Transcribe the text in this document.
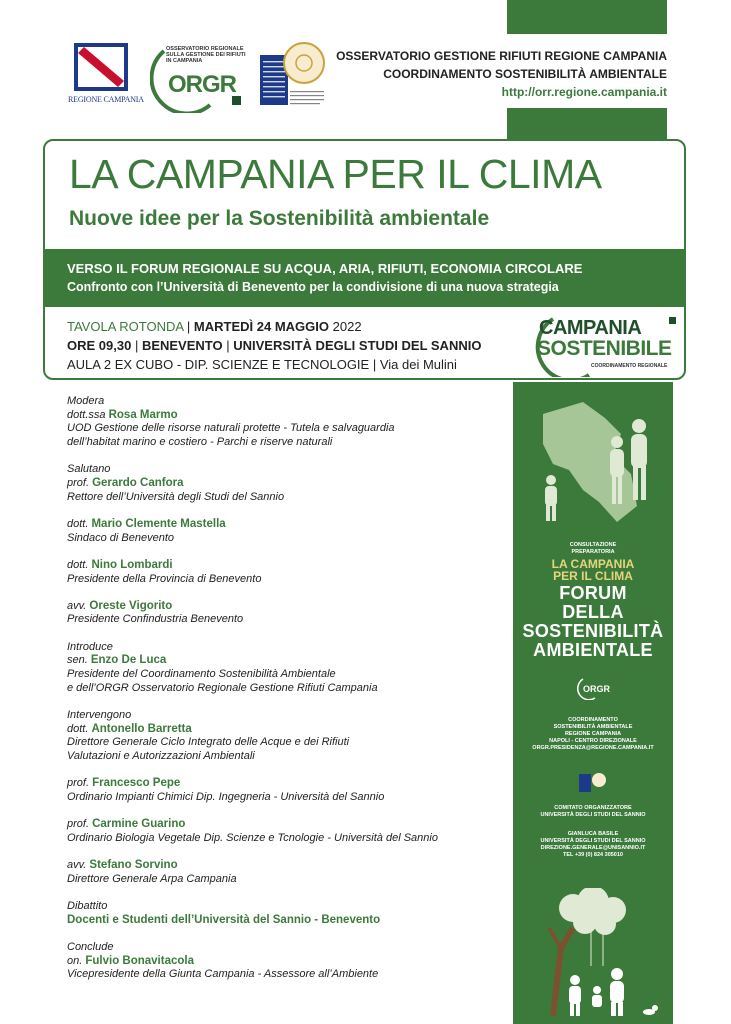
REGIONE CAMPANIA
OSSERVATORIO REGIONALE SULLA GESTIONE DEI RIFIUTI IN CAMPANIA
ORGR
OSSERVATORIO GESTIONE RIFIUTI REGIONE CAMPANIA
COORDINAMENTO SOSTENIBILITÀ AMBIENTALE
http://orr.regione.campania.it
LA CAMPANIA PER IL CLIMA
Nuove idee per la Sostenibilità ambientale
VERSO IL FORUM REGIONALE SU ACQUA, ARIA, RIFIUTI, ECONOMIA CIRCOLARE
Confronto con l’Università di Benevento per la condivisione di una nuova strategia
TAVOLA ROTONDA | MARTEDÌ 24 MAGGIO 2022
ORE 09,30 | BENEVENTO | UNIVERSITÀ DEGLI STUDI DEL SANNIO
AULA 2 EX CUBO - DIP. SCIENZE E TECNOLOGIE | Via dei Mulini
CAMPANIA
SOSTENIBILE
COORDINAMENTO REGIONALE
Modera
dott.ssa Rosa Marmo
UOD Gestione delle risorse naturali protette - Tutela e salvaguardia
dell’habitat marino e costiero - Parchi e riserve naturali
Salutano
prof. Gerardo Canfora
Rettore dell’Università degli Studi del Sannio
dott. Mario Clemente Mastella
Sindaco di Benevento
dott. Nino Lombardi
Presidente della Provincia di Benevento
avv. Oreste Vigorito
Presidente Confindustria Benevento
Introduce
sen. Enzo De Luca
Presidente del Coordinamento Sostenibilità Ambientale
e dell’ORGR Osservatorio Regionale Gestione Rifiuti Campania
Intervengono
dott. Antonello Barretta
Direttore Generale Ciclo Integrato delle Acque e dei Rifiuti
Valutazioni e Autorizzazioni Ambientali
prof. Francesco Pepe
Ordinario Impianti Chimici Dip. Ingegneria - Università del Sannio
prof. Carmine Guarino
Ordinario Biologia Vegetale Dip. Scienze e Tcnologie - Università del Sannio
avv. Stefano Sorvino
Direttore Generale Arpa Campania
Dibattito
Docenti e Studenti dell’Università del Sannio - Benevento
Conclude
on. Fulvio Bonavitacola
Vicepresidente della Giunta Campania - Assessore all’Ambiente
CONSULTAZIONE
PREPARATORIA
LA CAMPANIA
PER IL CLIMA
FORUM
DELLA
SOSTENIBILITÀ
AMBIENTALE
ORGR
COORDINAMENTO
SOSTENIBILITÀ AMBIENTALE
REGIONE CAMPANIA
NAPOLI - CENTRO DIREZIONALE
ORGR.PRESIDENZA@REGIONE.CAMPANIA.IT
COMITATO ORGANIZZATORE
UNIVERSITÀ DEGLI STUDI DEL SANNIO
GIANLUCA BASILE
UNIVERSITÀ DEGLI STUDI DEL SANNIO
DIREZIONE.GENERALE@UNISANNIO.IT
TEL +39 (0) 824 305010
